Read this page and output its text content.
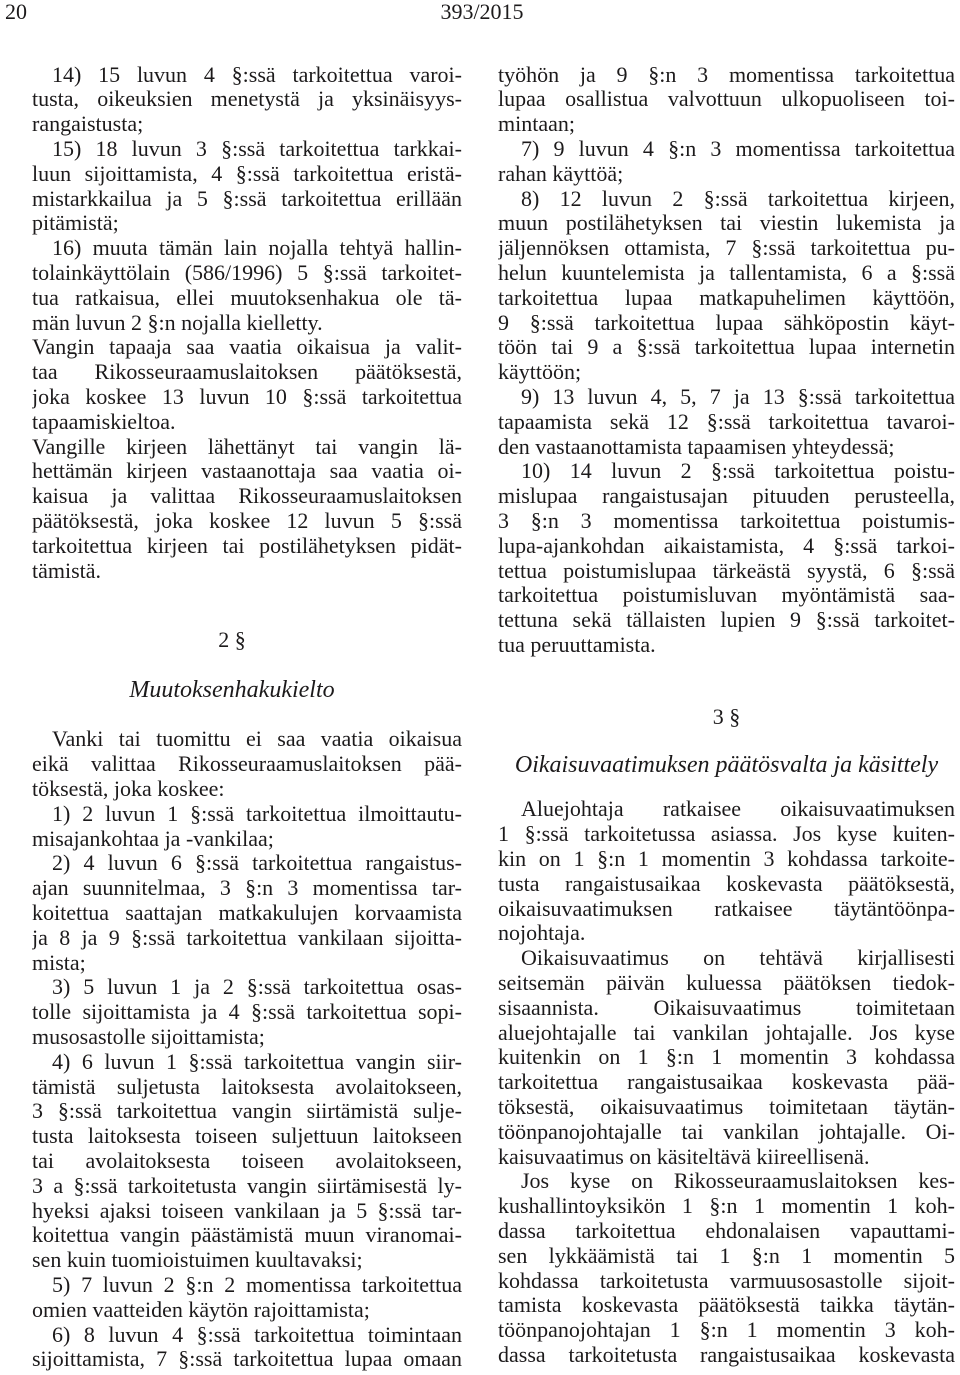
20	393/2015
14) 15 luvun 4 §:ssä tarkoitettua varoi-
tusta, oikeuksien menetystä ja yksinäisyys-
rangaistusta;
15) 18 luvun 3 §:ssä tarkoitettua tarkkai-
luun sijoittamista, 4 §:ssä tarkoitettua eristä-
mistarkkailua ja 5 §:ssä tarkoitettua erillään
pitämistä;
16) muuta tämän lain nojalla tehtyä hallin-
tolainkäyttölain (586/1996) 5 §:ssä tarkoitet-
tua ratkaisua, ellei muutoksenhakua ole tä-
män luvun 2 §:n nojalla kielletty.
Vangin tapaaja saa vaatia oikaisua ja valit-
taa Rikosseuraamuslaitoksen päätöksestä,
joka koskee 13 luvun 10 §:ssä tarkoitettua
tapaamiskieltoa.
Vangille kirjeen lähettänyt tai vangin lä-
hettämän kirjeen vastaanottaja saa vaatia oi-
kaisua ja valittaa Rikosseuraamuslaitoksen
päätöksestä, joka koskee 12 luvun 5 §:ssä
tarkoitettua kirjeen tai postilähetyksen pidät-
tämistä.
2 §
Muutoksenhakukielto
Vanki tai tuomittu ei saa vaatia oikaisua
eikä valittaa Rikosseuraamuslaitoksen pää-
töksestä, joka koskee:
1) 2 luvun 1 §:ssä tarkoitettua ilmoittautu-
misajankohtaa ja -vankilaa;
2) 4 luvun 6 §:ssä tarkoitettua rangaistus-
ajan suunnitelmaa, 3 §:n 3 momentissa tar-
koitettua saattajan matkakulujen korvaamista
ja 8 ja 9 §:ssä tarkoitettua vankilaan sijoitta-
mista;
3) 5 luvun 1 ja 2 §:ssä tarkoitettua osas-
tolle sijoittamista ja 4 §:ssä tarkoitettua sopi-
musosastolle sijoittamista;
4) 6 luvun 1 §:ssä tarkoitettua vangin siir-
tämistä suljetusta laitoksesta avolaitokseen,
3 §:ssä tarkoitettua vangin siirtämistä sulje-
tusta laitoksesta toiseen suljettuun laitokseen
tai avolaitoksesta toiseen avolaitokseen,
3 a §:ssä tarkoitetusta vangin siirtämisestä ly-
hyeksi ajaksi toiseen vankilaan ja 5 §:ssä tar-
koitettua vangin päästämistä muun viranomai-
sen kuin tuomioistuimen kuultavaksi;
5) 7 luvun 2 §:n 2 momentissa tarkoitettua
omien vaatteiden käytön rajoittamista;
6) 8 luvun 4 §:ssä tarkoitettua toimintaan
sijoittamista, 7 §:ssä tarkoitettua lupaa omaan
työhön ja 9 §:n 3 momentissa tarkoitettua
lupaa osallistua valvottuun ulkopuoliseen toi-
mintaan;
7) 9 luvun 4 §:n 3 momentissa tarkoitettua
rahan käyttöä;
8) 12 luvun 2 §:ssä tarkoitettua kirjeen,
muun postilähetyksen tai viestin lukemista ja
jäljennöksen ottamista, 7 §:ssä tarkoitettua pu-
helun kuuntelemista ja tallentamista, 6 a §:ssä
tarkoitettua lupaa matkapuhelimen käyttöön,
9 §:ssä tarkoitettua lupaa sähköpostin käyt-
töön tai 9 a §:ssä tarkoitettua lupaa internetin
käyttöön;
9) 13 luvun 4, 5, 7 ja 13 §:ssä tarkoitettua
tapaamista sekä 12 §:ssä tarkoitettua tavaroi-
den vastaanottamista tapaamisen yhteydessä;
10) 14 luvun 2 §:ssä tarkoitettua poistu-
mislupaa rangaistusajan pituuden perusteella,
3 §:n 3 momentissa tarkoitettua poistumis-
lupa-ajankohdan aikaistamista, 4 §:ssä tarkoi-
tettua poistumislupaa tärkeästä syystä, 6 §:ssä
tarkoitettua poistumisluvan myöntämistä saa-
tettuna sekä tällaisten lupien 9 §:ssä tarkoitet-
tua peruuttamista.
3 §
Oikaisuvaatimuksen päätösvalta ja käsittely
Aluejohtaja ratkaisee oikaisuvaatimuksen
1 §:ssä tarkoitetussa asiassa. Jos kyse kuiten-
kin on 1 §:n 1 momentin 3 kohdassa tarkoite-
tusta rangaistusaikaa koskevasta päätöksestä,
oikaisuvaatimuksen ratkaisee täytäntöönpa-
nojohtaja.
Oikaisuvaatimus on tehtävä kirjallisesti
seitsemän päivän kuluessa päätöksen tiedok-
sisaannista. Oikaisuvaatimus toimitetaan
aluejohtajalle tai vankilan johtajalle. Jos kyse
kuitenkin on 1 §:n 1 momentin 3 kohdassa
tarkoitettua rangaistusaikaa koskevasta pää-
töksestä, oikaisuvaatimus toimitetaan täytän-
töönpanojohtajalle tai vankilan johtajalle. Oi-
kaisuvaatimus on käsiteltävä kiireellisenä.
Jos kyse on Rikosseuraamuslaitoksen kes-
kushallintoyksikön 1 §:n 1 momentin 1 koh-
dassa tarkoitettua ehdonalaisen vapauttami-
sen lykkäämistä tai 1 §:n 1 momentin 5
kohdassa tarkoitetusta varmuusosastolle sijoit-
tamista koskevasta päätöksestä taikka täytän-
töönpanojohtajan 1 §:n 1 momentin 3 koh-
dassa tarkoitetusta rangaistusaikaa koskevasta
